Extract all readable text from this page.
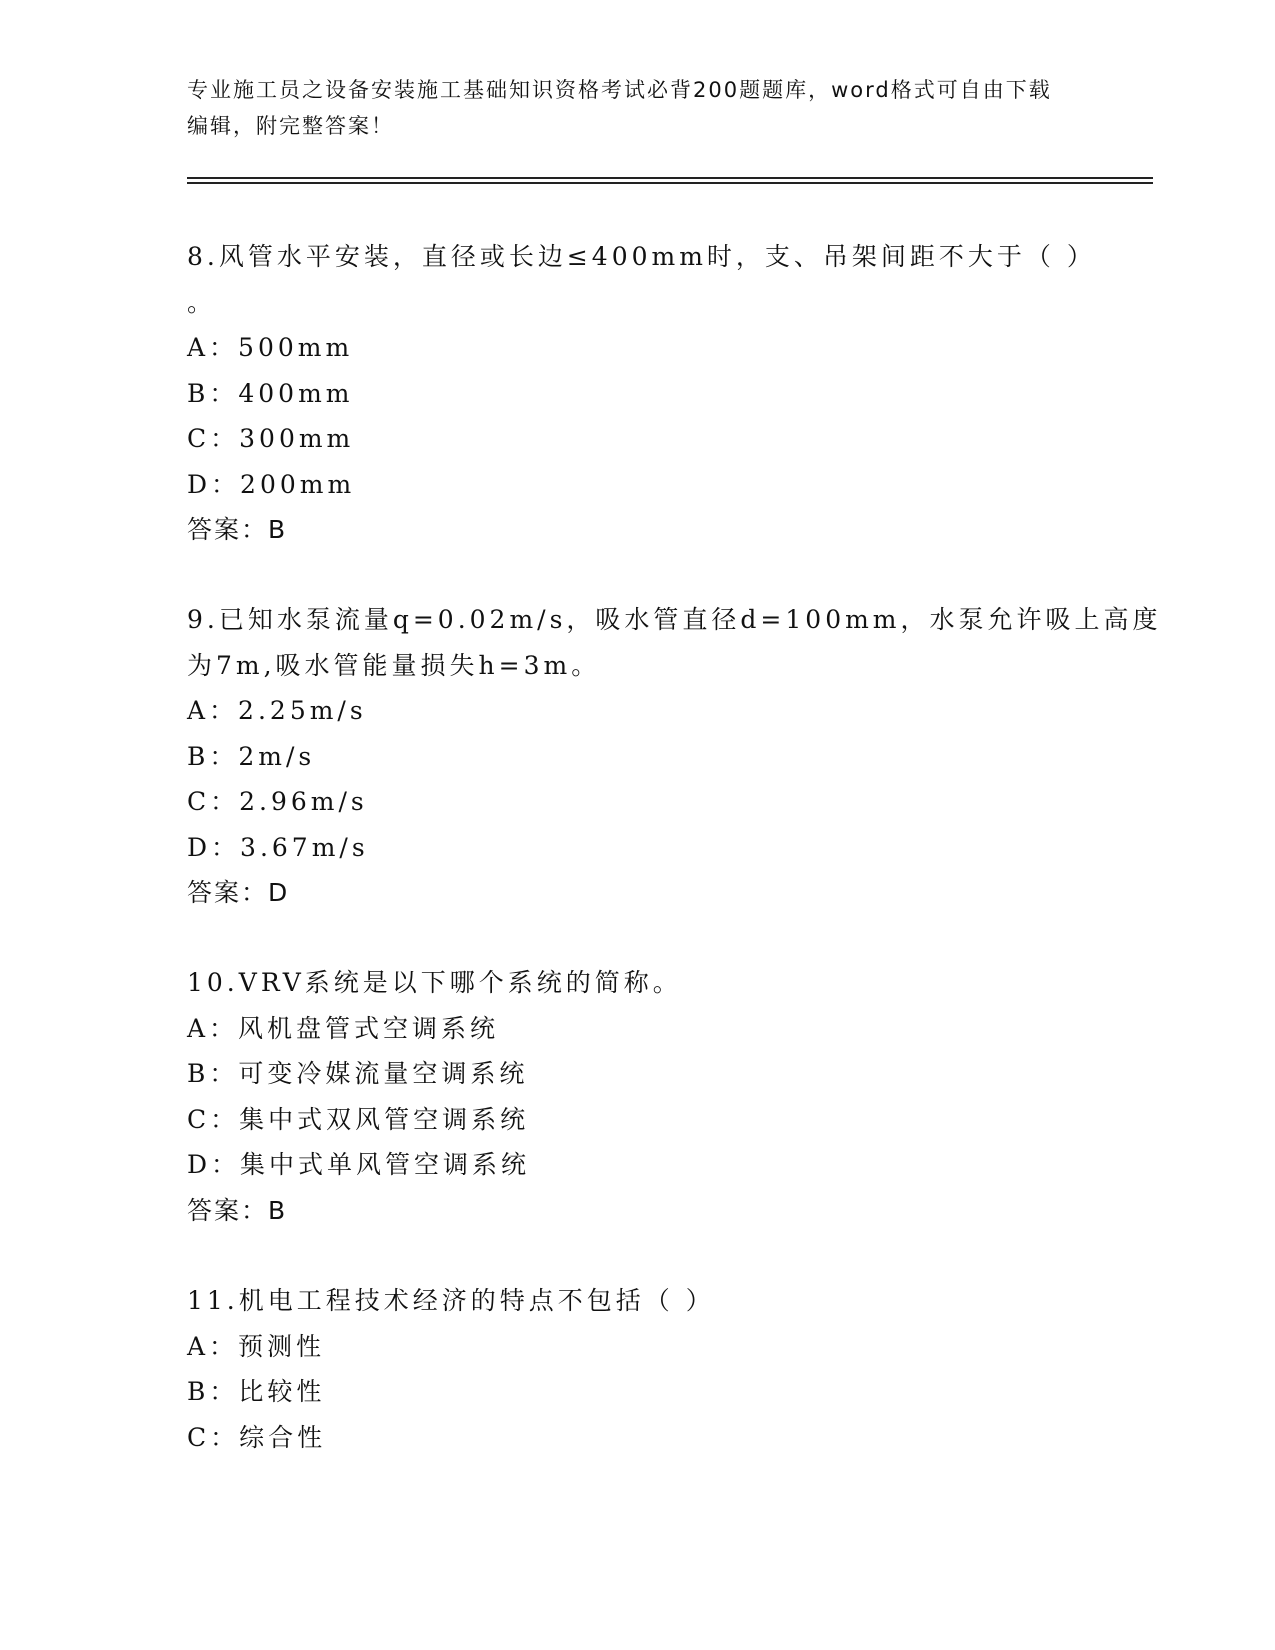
专业施工员之设备安装施工基础知识资格考试必背200题题库，word格式可自由下载编辑，附完整答案！
8.风管水平安装，直径或长边≤400mm时，支、吊架间距不大于（ ）
。
A：500mm
B：400mm
C：300mm
D：200mm
答案：B
9.已知水泵流量q=0.02m/s，吸水管直径d=100mm，水泵允许吸上高度
为7m,吸水管能量损失h=3m。
A：2.25m/s
B：2m/s
C：2.96m/s
D：3.67m/s
答案：D
10.VRV系统是以下哪个系统的简称。
A：风机盘管式空调系统
B：可变冷媒流量空调系统
C：集中式双风管空调系统
D：集中式单风管空调系统
答案：B
11.机电工程技术经济的特点不包括（ ）
A：预测性
B：比较性
C：综合性
